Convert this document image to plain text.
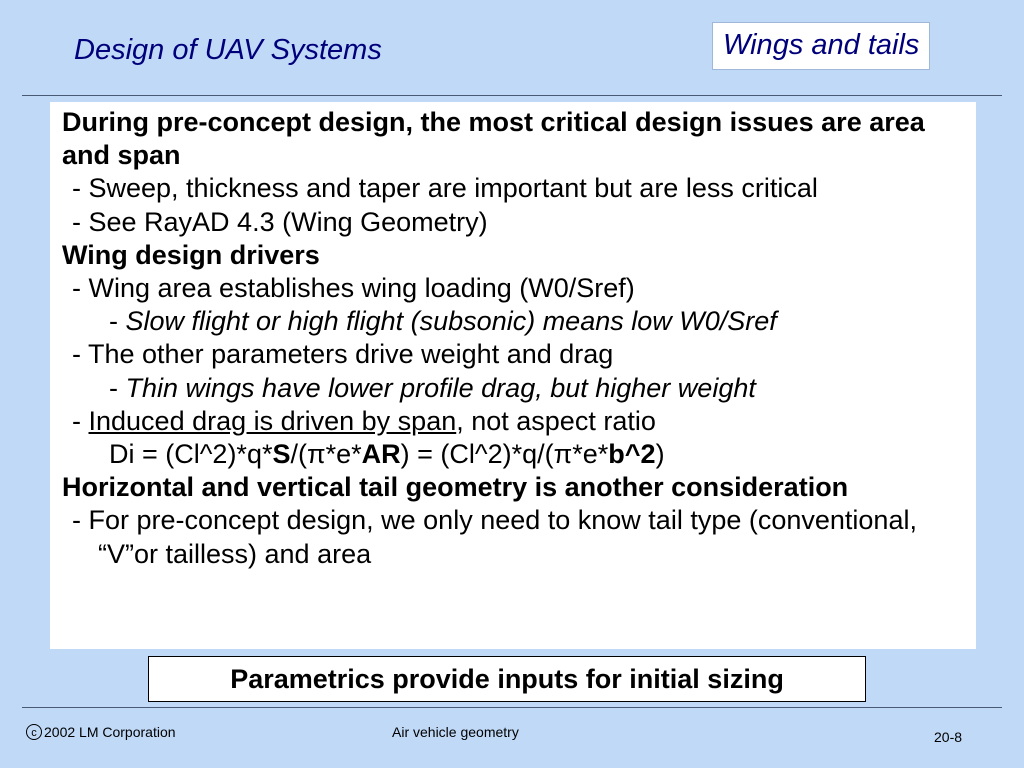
Design of UAV Systems	Wings and tails

During pre-concept design, the most critical design issues are area and span

- Sweep, thickness and taper are important but are less critical

- See RayAD 4.3 (Wing Geometry)

Wing design drivers

- Wing area establishes wing loading (W0/Sref)

- Slow flight or high flight (subsonic) means low W0/Sref

- The other parameters drive weight and drag

- Thin wings have lower profile drag, but higher weight

- Induced drag is driven by span, not aspect ratio

Di = (Cl^2)*q*S/(π*e*AR) = (Cl^2)*q/(π*e*b^2)

Horizontal and vertical tail geometry is another consideration

- For pre-concept design, we only need to know tail type (conventional, “V”or tailless) and area

Parametrics provide inputs for initial sizing
c 2002 LM Corporation	Air vehicle geometry	20-8
